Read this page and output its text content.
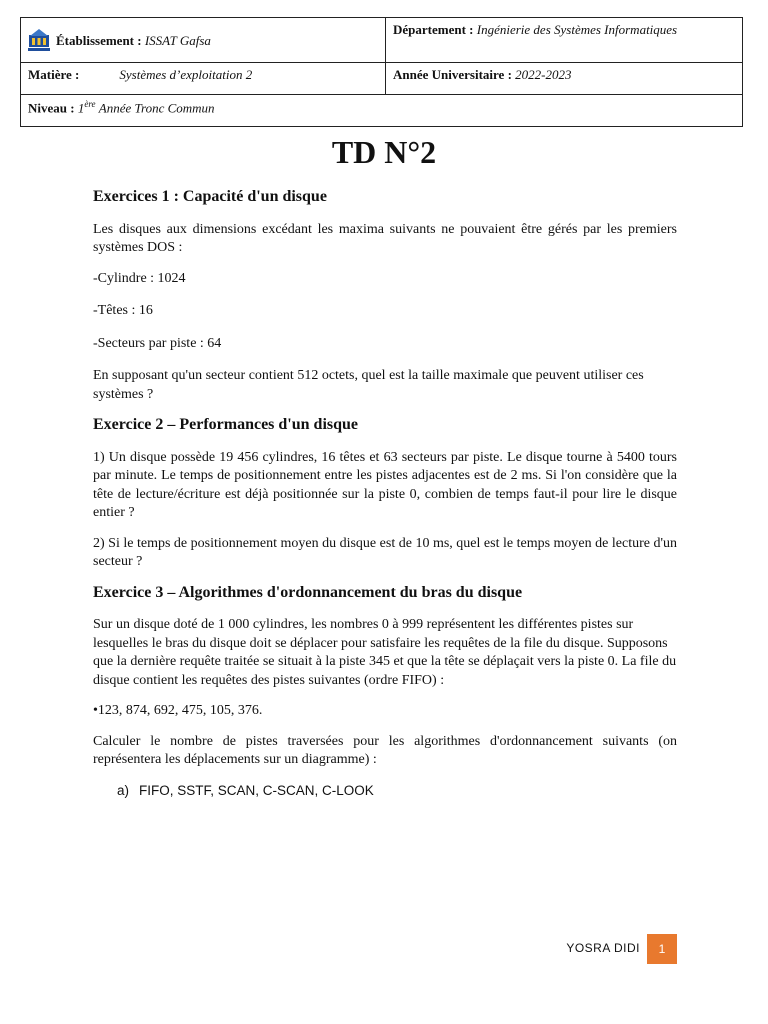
Établissement :
ISSAT Gafsa	Département : Ingénierie des Systèmes Informatiques
Matière : Systèmes d’exploitation 2	Année Universitaire : 2022-2023
Niveau : 1ère Année Tronc Commun	
TD N°2
Exercices 1 : Capacité d'un disque

Les disques aux dimensions excédant les maxima suivants ne pouvaient être gérés par les premiers systèmes DOS :

-Cylindre : 1024

-Têtes : 16

-Secteurs par piste : 64

En supposant qu'un secteur contient 512 octets, quel est la taille maximale que peuvent utiliser ces systèmes ?

Exercice 2 – Performances d'un disque

1) Un disque possède 19 456 cylindres, 16 têtes et 63 secteurs par piste. Le disque tourne à 5400 tours par minute. Le temps de positionnement entre les pistes adjacentes est de 2 ms. Si l'on considère que la tête de lecture/écriture est déjà positionnée sur la piste 0, combien de temps faut-il pour lire le disque entier ?

2) Si le temps de positionnement moyen du disque est de 10 ms, quel est le temps moyen de lecture d'un secteur ?

Exercice 3 – Algorithmes d'ordonnancement du bras du disque

Sur un disque doté de 1 000 cylindres, les nombres 0 à 999 représentent les différentes pistes sur lesquelles le bras du disque doit se déplacer pour satisfaire les requêtes de la file du disque. Supposons que la dernière requête traitée se situait à la piste 345 et que la tête se déplaçait vers la piste 0. La file du disque contient les requêtes des pistes suivantes (ordre FIFO) :

•123, 874, 692, 475, 105, 376.

Calculer le nombre de pistes traversées pour les algorithmes d'ordonnancement suivants (on représentera les déplacements sur un diagramme) :

a) FIFO, SSTF, SCAN, C-SCAN, C-LOOK
YOSRA DIDI	1
